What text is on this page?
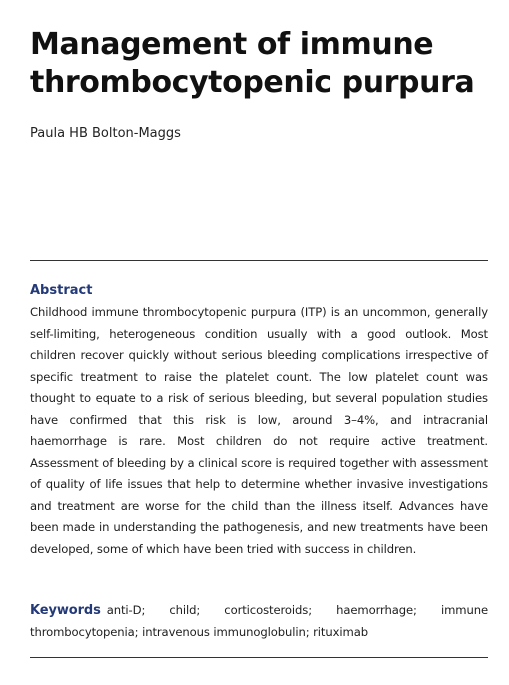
Management of immune thrombocytopenic purpura

Paula HB Bolton-Maggs

Abstract

Childhood immune thrombocytopenic purpura (ITP) is an uncommon, generally self-limiting, heterogeneous condition usually with a good outlook. Most children recover quickly without serious bleeding complications irrespective of specific treatment to raise the platelet count. The low platelet count was thought to equate to a risk of serious bleeding, but several population studies have confirmed that this risk is low, around 3–4%, and intracranial haemorrhage is rare. Most children do not require active treatment. Assessment of bleeding by a clinical score is required together with assessment of quality of life issues that help to determine whether invasive investigations and treatment are worse for the child than the illness itself. Advances have been made in understanding the pathogenesis, and new treatments have been developed, some of which have been tried with success in children.

Keywords anti-D; child; corticosteroids; haemorrhage; immune thrombocytopenia; intravenous immunoglobulin; rituximab
